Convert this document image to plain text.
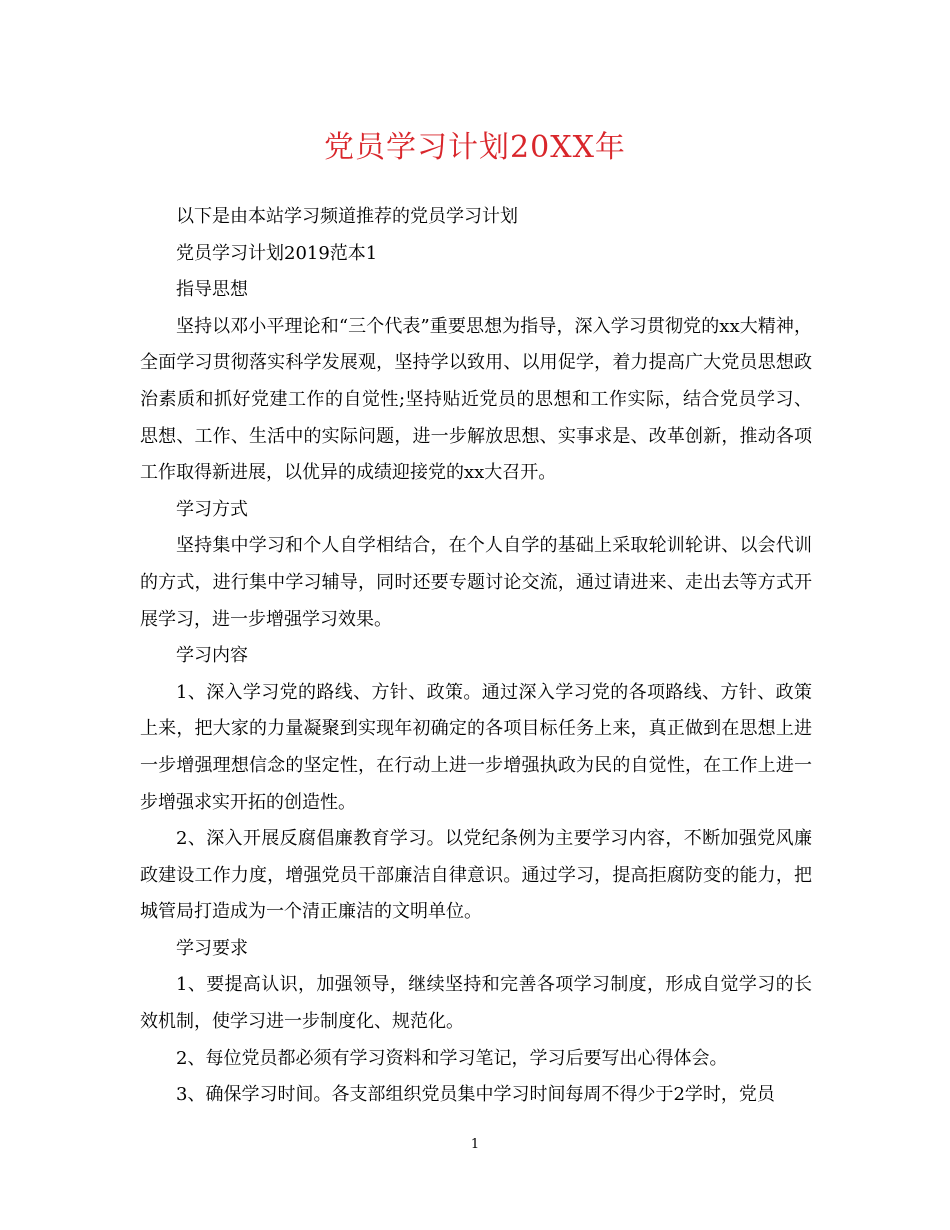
党员学习计划20XX年

以下是由本站学习频道推荐的党员学习计划

党员学习计划2019范本1

指导思想

坚持以邓小平理论和“三个代表”重要思想为指导，深入学习贯彻党的xx大精神，全面学习贯彻落实科学发展观，坚持学以致用、以用促学，着力提高广大党员思想政治素质和抓好党建工作的自觉性;坚持贴近党员的思想和工作实际，结合党员学习、思想、工作、生活中的实际问题，进一步解放思想、实事求是、改革创新，推动各项工作取得新进展，以优异的成绩迎接党的xx大召开。

学习方式

坚持集中学习和个人自学相结合，在个人自学的基础上采取轮训轮讲、以会代训的方式，进行集中学习辅导，同时还要专题讨论交流，通过请进来、走出去等方式开展学习，进一步增强学习效果。

学习内容

1、深入学习党的路线、方针、政策。通过深入学习党的各项路线、方针、政策上来，把大家的力量凝聚到实现年初确定的各项目标任务上来，真正做到在思想上进一步增强理想信念的坚定性，在行动上进一步增强执政为民的自觉性，在工作上进一步增强求实开拓的创造性。

2、深入开展反腐倡廉教育学习。以党纪条例为主要学习内容，不断加强党风廉政建设工作力度，增强党员干部廉洁自律意识。通过学习，提高拒腐防变的能力，把城管局打造成为一个清正廉洁的文明单位。

学习要求

1、要提高认识，加强领导，继续坚持和完善各项学习制度，形成自觉学习的长效机制，使学习进一步制度化、规范化。

2、每位党员都必须有学习资料和学习笔记，学习后要写出心得体会。

3、确保学习时间。各支部组织党员集中学习时间每周不得少于2学时，党员

1
